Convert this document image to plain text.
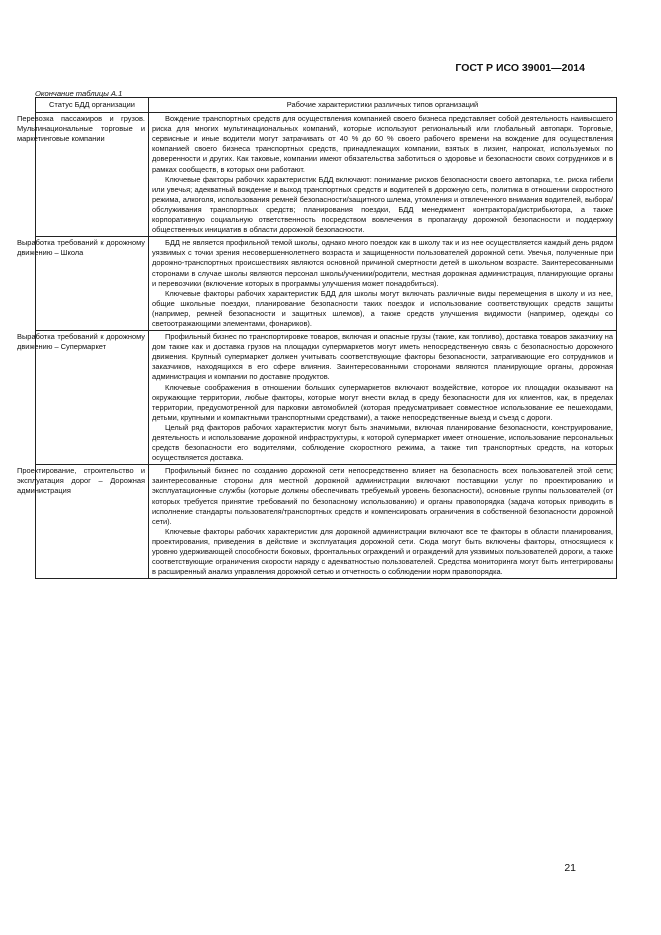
ГОСТ Р ИСО 39001—2014
Окончание таблицы А.1
Статус БДД организации	Рабочие характеристики различных типов организаций

Перевозка пассажиров и грузов. Мультинациональные торговые и маркетинговые компании	Вождение транспортных средств для осуществления компанией своего бизнеса представляет собой деятельность наивысшего риска для многих мультинациональных компаний, которые используют региональный или глобальный автопарк. Торговые, сервисные и иные водители могут затрачивать от 40 % до 60 % своего рабочего времени на вождение для осуществления компанией своего бизнеса транспортных средств, принадлежащих компании, взятых в лизинг, напрокат, используемых по доверенности и других. Как таковые, компании имеют обязательства заботиться о здоровье и безопасности своих сотрудников и в рамках сообществ, в которых они работают.

Ключевые факторы рабочих характеристик БДД включают: понимание рисков безопасности своего автопарка, т.е. риска гибели или увечья; адекватный вождение и выход транспортных средств и водителей в дорожную сеть, политика в отношении скоростного режима, алкоголя, использования ремней безопасности/защитного шлема, утомления и отвлеченного внимания водителей, выбора/обслуживания транспортных средств; планирования поездки, БДД менеджмент контрактора/дистрибьютора, а также корпоративную социальную ответственность посредством вовлечения в пропаганду дорожной безопасности и поддержку общественных инициатив в области дорожной безопасности.

Выработка требований к дорожному движению – Школа	БДД не является профильной темой школы, однако много поездок как в школу так и из нее осуществляется каждый день рядом уязвимых с точки зрения несовершеннолетнего возраста и защищенности пользователей дорожной сети. Увечья, полученные при дорожно-транспортных происшествиях являются основной причиной смертности детей в школьном возрасте. Заинтересованными сторонами в случае школы являются персонал школы/ученики/родители, местная дорожная администрация, планирующие органы и перевозчики (включение которых в программы улучшения может понадобиться).

Ключевые факторы рабочих характеристик БДД для школы могут включать различные виды перемещения в школу и из нее, общие школьные поездки, планирование безопасности таких поездок и использование соответствующих средств защиты (например, ремней безопасности и защитных шлемов), а также средств улучшения видимости (например, одежды со светоотражающими элементами, фонариков).

Выработка требований к дорожному движению – Супермаркет	Профильный бизнес по транспортировке товаров, включая и опасные грузы (такие, как топливо), доставка товаров заказчику на дом также как и доставка грузов на площадки супермаркетов могут иметь непосредственную связь с безопасностью дорожного движения. Крупный супермаркет должен учитывать соответствующие факторы безопасности, затрагивающие его сотрудников и заказчиков, находящихся в его сфере влияния. Заинтересованными сторонами являются планирующие органы, дорожная администрация и компании по доставке продуктов.

Ключевые соображения в отношении больших супермаркетов включают воздействие, которое их площадки оказывают на окружающие территории, любые факторы, которые могут внести вклад в среду безопасности для их клиентов, как, в пределах территории, предусмотренной для парковки автомобилей (которая предусматривает совместное использование ее пешеходами, детьми, крупными и компактными транспортными средствами), а также непосредственные выезд и съезд с дороги.

Целый ряд факторов рабочих характеристик могут быть значимыми, включая планирование безопасности, конструирование, деятельность и использование дорожной инфраструктуры, к которой супермаркет имеет отношение, использование персональных средств безопасности его водителями, соблюдение скоростного режима, а также тип транспортных средств, на которых осуществляется доставка.

Проектирование, строительство и эксплуатация дорог – Дорожная администрация	Профильный бизнес по созданию дорожной сети непосредственно влияет на безопасность всех пользователей этой сети; заинтересованные стороны для местной дорожной администрации включают поставщики услуг по проектированию и эксплуатационные службы (которые должны обеспечивать требуемый уровень безопасности), основные группы пользователей (от которых требуется принятие требований по безопасному использованию) и органы правопорядка (задача которых приводить в исполнение стандарты пользователя/транспортных средств и компенсировать ограничения в собственной безопасности дорожной сети).

Ключевые факторы рабочих характеристик для дорожной администрации включают все те факторы в области планирования, проектирования, приведения в действие и эксплуатация дорожной сети. Сюда могут быть включены факторы, относящиеся к уровню удерживающей способности боковых, фронтальных ограждений и ограждений для уязвимых пользователей дороги, а также соответствующие ограничения скорости наряду с адекватностью пользователей. Средства мониторинга могут быть интегрированы в расширенный анализ управления дорожной сетью и отчетность о соблюдении норм правопорядка.

21
